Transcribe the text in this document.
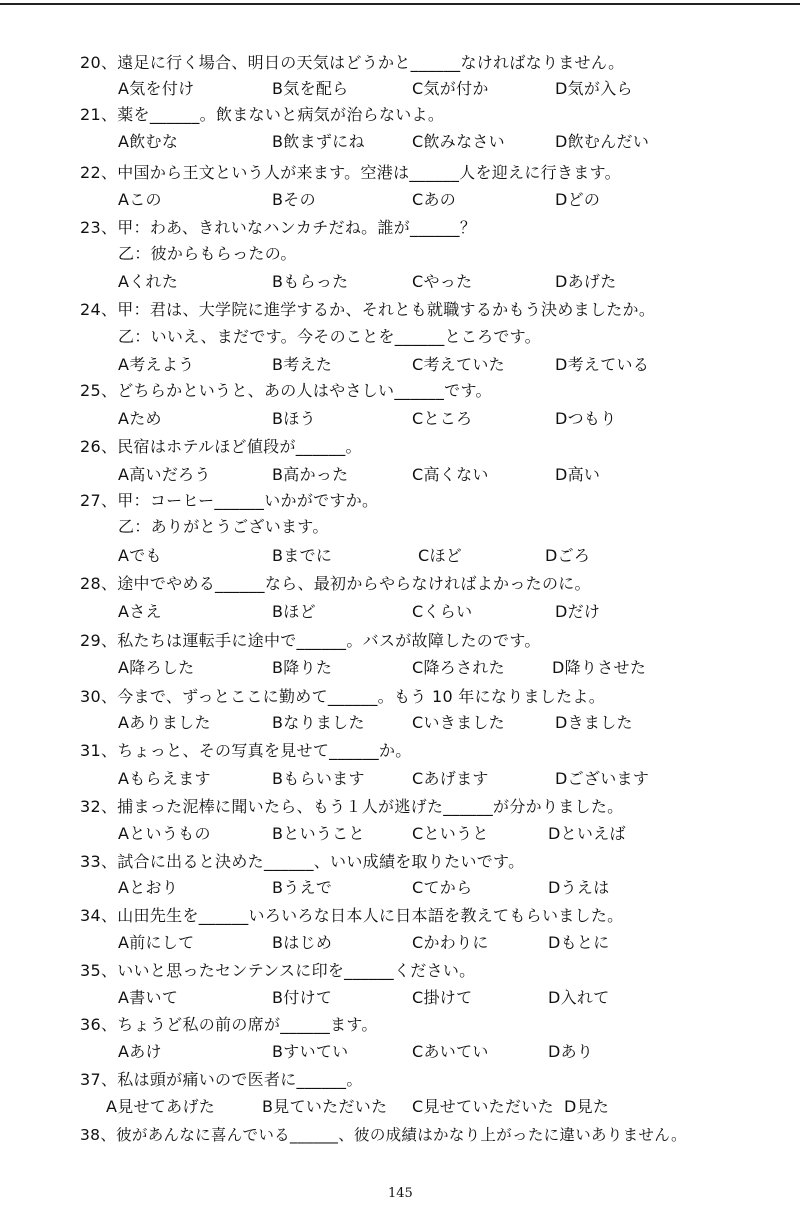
20、遠足に行く場合、明日の天気はどうかと______なければなりません。
A気を付け	B気を配ら	C気が付か	D気が入ら
21、薬を______。飲まないと病気が治らないよ。
A飲むな	B飲まずにね	C飲みなさい	D飲むんだい
22、中国から王文という人が来ます。空港は______人を迎えに行きます。
Aこの	Bその	Cあの	Dどの
23、甲：わあ、きれいなハンカチだね。誰が______？
乙：彼からもらったの。
Aくれた	Bもらった	Cやった	Dあげた
24、甲：君は、大学院に進学するか、それとも就職するかもう決めましたか。
乙：いいえ、まだです。今そのことを______ところです。
A考えよう	B考えた	C考えていた	D考えている
25、どちらかというと、あの人はやさしい______です。
Aため	Bほう	Cところ	Dつもり
26、民宿はホテルほど値段が______。
A高いだろう	B高かった	C高くない	D高い
27、甲：コーヒー______いかがですか。
乙：ありがとうございます。
Aでも	Bまでに	Cほど	Dごろ
28、途中でやめる______なら、最初からやらなければよかったのに。
Aさえ	Bほど	Cくらい	Dだけ
29、私たちは運転手に途中で______。バスが故障したのです。
A降ろした	B降りた	C降ろされた	D降りさせた
30、今まで、ずっとここに勤めて______。もう 10 年になりましたよ。
Aありました	Bなりました	Cいきました	Dきました
31、ちょっと、その写真を見せて______か。
Aもらえます	Bもらいます	Cあげます	Dございます
32、捕まった泥棒に聞いたら、もう１人が逃げた______が分かりました。
Aというもの	Bということ	Cというと	Dといえば
33、試合に出ると決めた______、いい成績を取りたいです。
Aとおり	Bうえで	Cてから	Dうえは
34、山田先生を______いろいろな日本人に日本語を教えてもらいました。
A前にして	Bはじめ	Cかわりに	Dもとに
35、いいと思ったセンテンスに印を______ください。
A書いて	B付けて	C掛けて	D入れて
36、ちょうど私の前の席が______ます。
Aあけ	Bすいてい	Cあいてい	Dあり
37、私は頭が痛いので医者に______。
A見せてあげた	B見ていただいた C見せていただいた D見た
38、彼があんなに喜んでいる______、彼の成績はかなり上がったに違いありません。
145
